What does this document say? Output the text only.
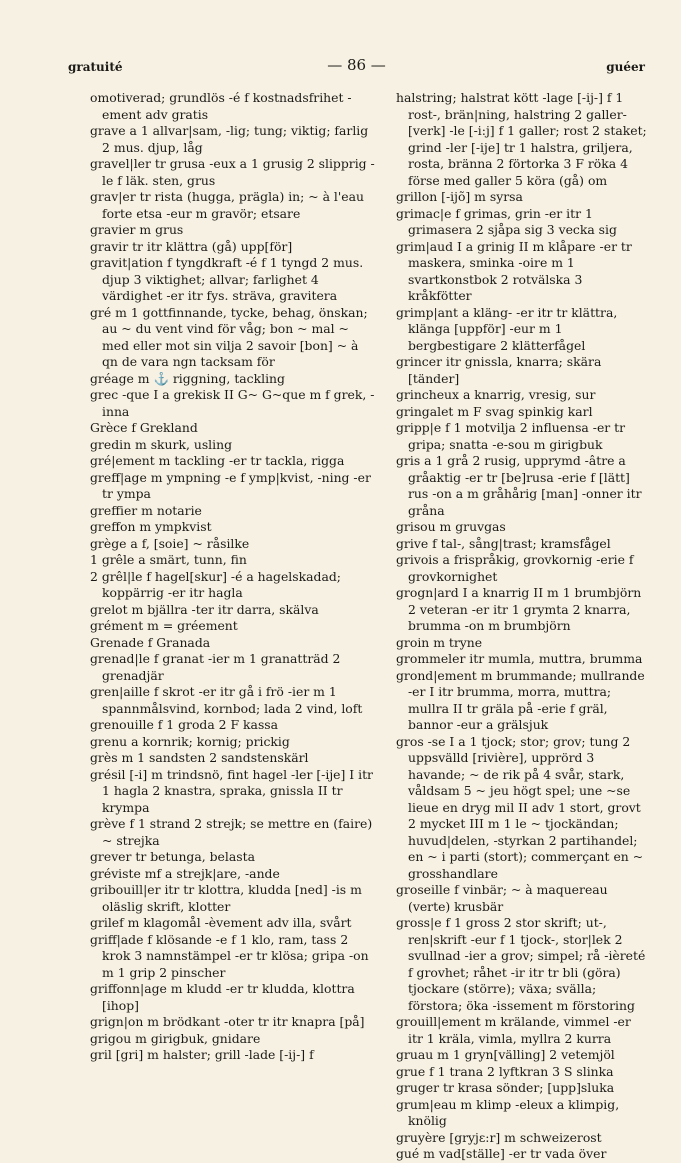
gratuité	— 86 —	guéer
omotiverad; grundlös -é f kostnadsfrihet -ement adv gratis
grave a 1 allvar|sam, -lig; tung; viktig; farlig 2 mus. djup, låg
gravel|ler tr grusa -eux a 1 grusig 2 slipprig -le f läk. sten, grus
grav|er tr rista (hugga, prägla) in; ~ à l'eau forte etsa -eur m gravör; etsare
gravier m grus
gravir tr itr klättra (gå) upp[för]
gravit|ation f tyngdkraft -é f 1 tyngd 2 mus. djup 3 viktighet; allvar; farlighet 4 värdighet -er itr fys. sträva, gravitera
gré m 1 gottfinnande, tycke, behag, önskan; au ~ du vent vind för våg; bon ~ mal ~ med eller mot sin vilja 2 savoir [bon] ~ à qn de vara ngn tacksam för
gréage m ⚓ riggning, tackling
grec -que I a grekisk II G~ G~que m f grek, -inna
Grèce f Grekland
gredin m skurk, usling
gré|ement m tackling -er tr tackla, rigga
greff|age m ympning -e f ymp|kvist, -ning -er tr ympa
greffier m notarie
greffon m ympkvist
grège a f, [soie] ~ råsilke
1 grêle a smärt, tunn, fin
2 grêl|le f hagel[skur] -é a hagelskadad; koppärrig -er itr hagla
grelot m bjällra -ter itr darra, skälva
grément m = gréement
Grenade f Granada
grenad|le f granat -ier m 1 granatträd 2 grenadjär
gren|aille f skrot -er itr gå i frö -ier m 1 spannmålsvind, kornbod; lada 2 vind, loft
grenouille f 1 groda 2 F kassa
grenu a kornrik; kornig; prickig
grès m 1 sandsten 2 sandstenskärl
grésil [-i] m trindsnö, fint hagel -ler [-ije] I itr 1 hagla 2 knastra, spraka, gnissla II tr krympa
grève f 1 strand 2 strejk; se mettre en (faire) ~ strejka
grever tr betunga, belasta
gréviste mf a strejk|are, -ande
gribouill|er itr tr klottra, kludda [ned] -is m oläslig skrift, klotter
grilef m klagomål -èvement adv illa, svårt
griff|ade f klösande -e f 1 klo, ram, tass 2 krok 3 namnstämpel -er tr klösa; gripa -on m 1 grip 2 pinscher
griffonn|age m kludd -er tr kludda, klottra [ihop]
grign|on m brödkant -oter tr itr knapra [på]
grigou m girigbuk, gnidare
gril [gri] m halster; grill -lade [-ij-] f
halstring; halstrat kött -lage [-ij-] f 1 rost-, brän|ning, halstring 2 galler-[verk] -le [-i:j] f 1 galler; rost 2 staket; grind -ler [-ije] tr 1 halstra, griljera, rosta, bränna 2 förtorka 3 F röka 4 förse med galler 5 köra (gå) om
grillon [-ijõ] m syrsa
grimac|e f grimas, grin -er itr 1 grimasera 2 sjåpa sig 3 vecka sig
grim|aud I a grinig II m klåpare -er tr maskera, sminka -oire m 1 svartkonstbok 2 rotvälska 3 kråkfötter
grimp|ant a kläng- -er itr tr klättra, klänga [uppför] -eur m 1 bergbestigare 2 klätterfågel
grincer itr gnissla, knarra; skära [tänder]
grincheux a knarrig, vresig, sur
gringalet m F svag spinkig karl
gripp|e f 1 motvilja 2 influensa -er tr gripa; snatta -e-sou m girigbuk
gris a 1 grå 2 rusig, upprymd -âtre a gråaktig -er tr [be]rusa -erie f [lätt] rus -on a m gråhårig [man] -onner itr gråna
grisou m gruvgas
grive f tal-, sång|trast; kramsfågel
grivois a frispråkig, grovkornig -erie f grovkornighet
grogn|ard I a knarrig II m 1 brumbjörn 2 veteran -er itr 1 grymta 2 knarra, brumma -on m brumbjörn
groin m tryne
grommeler itr mumla, muttra, brumma
grond|ement m brummande; mullrande -er I itr brumma, morra, muttra; mullra II tr gräla på -erie f gräl, bannor -eur a grälsjuk
gros -se I a 1 tjock; stor; grov; tung 2 uppsvälld [rivière], upprörd 3 havande; ~ de rik på 4 svår, stark, våldsam 5 ~ jeu högt spel; une ~se lieue en dryg mil II adv 1 stort, grovt 2 mycket III m 1 le ~ tjockändan; huvud|delen, -styrkan 2 partihandel; en ~ i parti (stort); commerçant en ~ grosshandlare
groseille f vinbär; ~ à maquereau (verte) krusbär
gross|e f 1 gross 2 stor skrift; ut-, ren|skrift -eur f 1 tjock-, stor|lek 2 svullnad -ier a grov; simpel; rå -ièreté f grovhet; råhet -ir itr tr bli (göra) tjockare (större); växa; svälla; förstora; öka -issement m förstoring
grouill|ement m krälande, vimmel -er itr 1 kräla, vimla, myllra 2 kurra
gruau m 1 gryn[välling] 2 vetemjöl
grue f 1 trana 2 lyftkran 3 S slinka
gruger tr krasa sönder; [upp]sluka
grum|eau m klimp -eleux a klimpig, knölig
gruyère [gryjɛ:r] m schweizerost
gué m vad[ställe] -er tr vada över
